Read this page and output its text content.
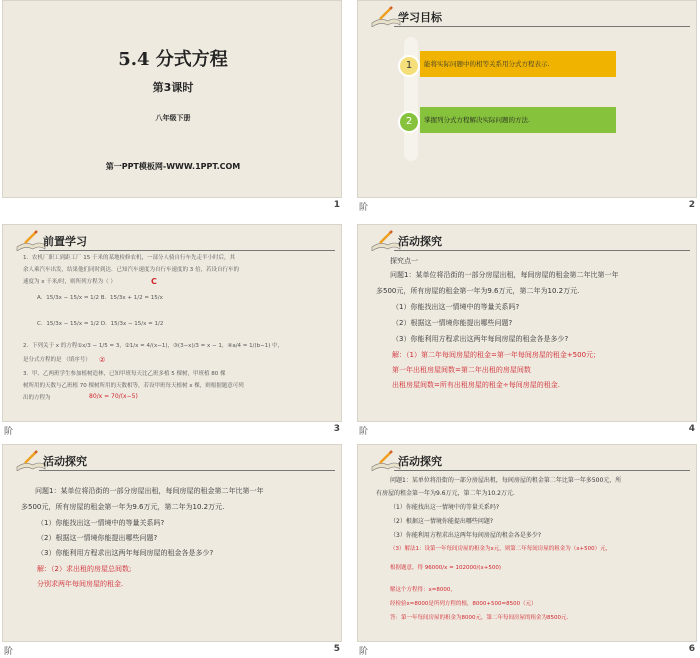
5.4 分式方程
第3课时
八年级下册
第一PPT模板网-WWW.1PPT.COM
1
学习目标
1	能将实际问题中的相等关系用分式方程表示.
2	掌握列分式方程解决实际问题的方法.
阶	2
前置学习
1．农机厂职工到距工厂 15 千米的某地检修农机，一部分人骑自行车先走半小时后，其
余人乘汽车出发，结果他们同时到达．已知汽车速度为自行车速度的 3 倍，若设自行车的
速度为 x 千米/时，则所列方程为（ ）	C
A．15/3x − 15/x = 1/2 B．15/3x + 1/2 = 15/x
C．15/3x − 15/x = 1/2 D．15/3x − 15/x = 1/2
2．下列关于 x 的方程①x/3 − 1/5 = 3，②1/x = 4/(x−1)，③(3−x)/3 = x − 1，④a/4 = 1/(b−1) 中，
是分式方程的是 （填序号） ②
3．甲、乙两班学生参加植树造林，已知甲班每天比乙班多植 5 棵树，甲班植 80 棵
树所用的天数与乙班植 70 棵树所用的天数相等，若设甲班每天植树 x 棵，则根据题意可列
出的方程为	80/x = 70/(x−5)
阶	3
活动探究
探究点一
问题1：某单位将沿街的一部分房屋出租，每间房屋的租金第二年比第一年
多500元，所有房屋的租金第一年为9.6万元，第二年为10.2万元.
（1）你能找出这一情境中的等量关系吗?
（2）根据这一情境你能提出哪些问题?
（3）你能利用方程求出这两年每间房屋的租金各是多少?
解：（1）第二年每间房屋的租金=第一年每间房屋的租金+500元；
第一年出租房屋间数=第二年出租的房屋间数
出租房屋间数=所有出租房屋的租金÷每间房屋的租金.
阶	4
活动探究
问题1：某单位将沿街的一部分房屋出租，每间房屋的租金第二年比第一年
多500元，所有房屋的租金第一年为9.6万元，第二年为10.2万元.
（1）你能找出这一情境中的等量关系吗?
（2）根据这一情境你能提出哪些问题?
（3）你能利用方程求出这两年每间房屋的租金各是多少?
解：（2）求出租的房屋总间数;
分别求两年每间房屋的租金.
阶	5
活动探究
问题1：某单位将沿街的一部分房屋出租，每间房屋的租金第二年比第一年多500元，所
有房屋的租金第一年为9.6万元，第二年为10.2万元.
（1）你能找出这一情境中的等量关系吗?
（2）根据这一情境你能提出哪些问题?
（3）你能利用方程求出这两年每间房屋的租金各是多少?
（3）解法1：设第一年每间房屋的租金为x元，则第二年每间房屋的租金为（x+500）元，
根据题意，得 96000/x = 102000/(x+500)
解这个方程得：x=8000，
经检验x=8000是所列方程的根，8000+500=8500（元）
答：第一年每间房屋的租金为8000元，第二年每间房屋的租金为8500元.
阶	6
